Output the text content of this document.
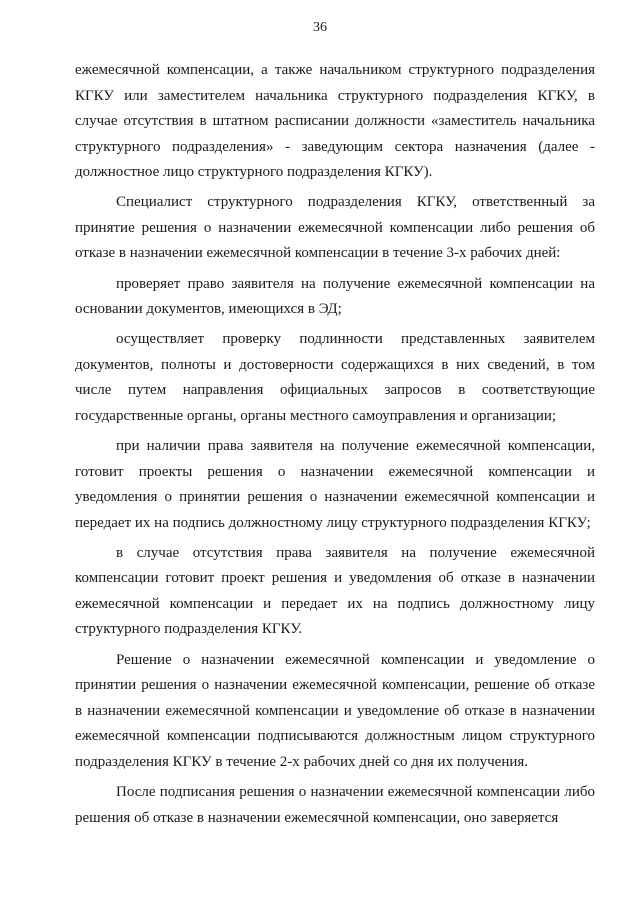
36

ежемесячной компенсации, а также начальником структурного подразделения КГКУ или заместителем начальника структурного подразделения КГКУ, в случае отсутствия в штатном расписании должности «заместитель начальника структурного подразделения» - заведующим сектора назначения (далее - должностное лицо структурного подразделения КГКУ).

Специалист структурного подразделения КГКУ, ответственный за принятие решения о назначении ежемесячной компенсации либо решения об отказе в назначении ежемесячной компенсации в течение 3-х рабочих дней:

проверяет право заявителя на получение ежемесячной компенсации на основании документов, имеющихся в ЭД;

осуществляет проверку подлинности представленных заявителем документов, полноты и достоверности содержащихся в них сведений, в том числе путем направления официальных запросов в соответствующие государственные органы, органы местного самоуправления и организации;

при наличии права заявителя на получение ежемесячной компенсации, готовит проекты решения о назначении ежемесячной компенсации и уведомления о принятии решения о назначении ежемесячной компенсации и передает их на подпись должностному лицу структурного подразделения КГКУ;

в случае отсутствия права заявителя на получение ежемесячной компенсации готовит проект решения и уведомления об отказе в назначении ежемесячной компенсации и передает их на подпись должностному лицу структурного подразделения КГКУ.

Решение о назначении ежемесячной компенсации и уведомление о принятии решения о назначении ежемесячной компенсации, решение об отказе в назначении ежемесячной компенсации и уведомление об отказе в назначении ежемесячной компенсации подписываются должностным лицом структурного подразделения КГКУ в течение 2-х рабочих дней со дня их получения.

После подписания решения о назначении ежемесячной компенсации либо решения об отказе в назначении ежемесячной компенсации, оно заверяется
